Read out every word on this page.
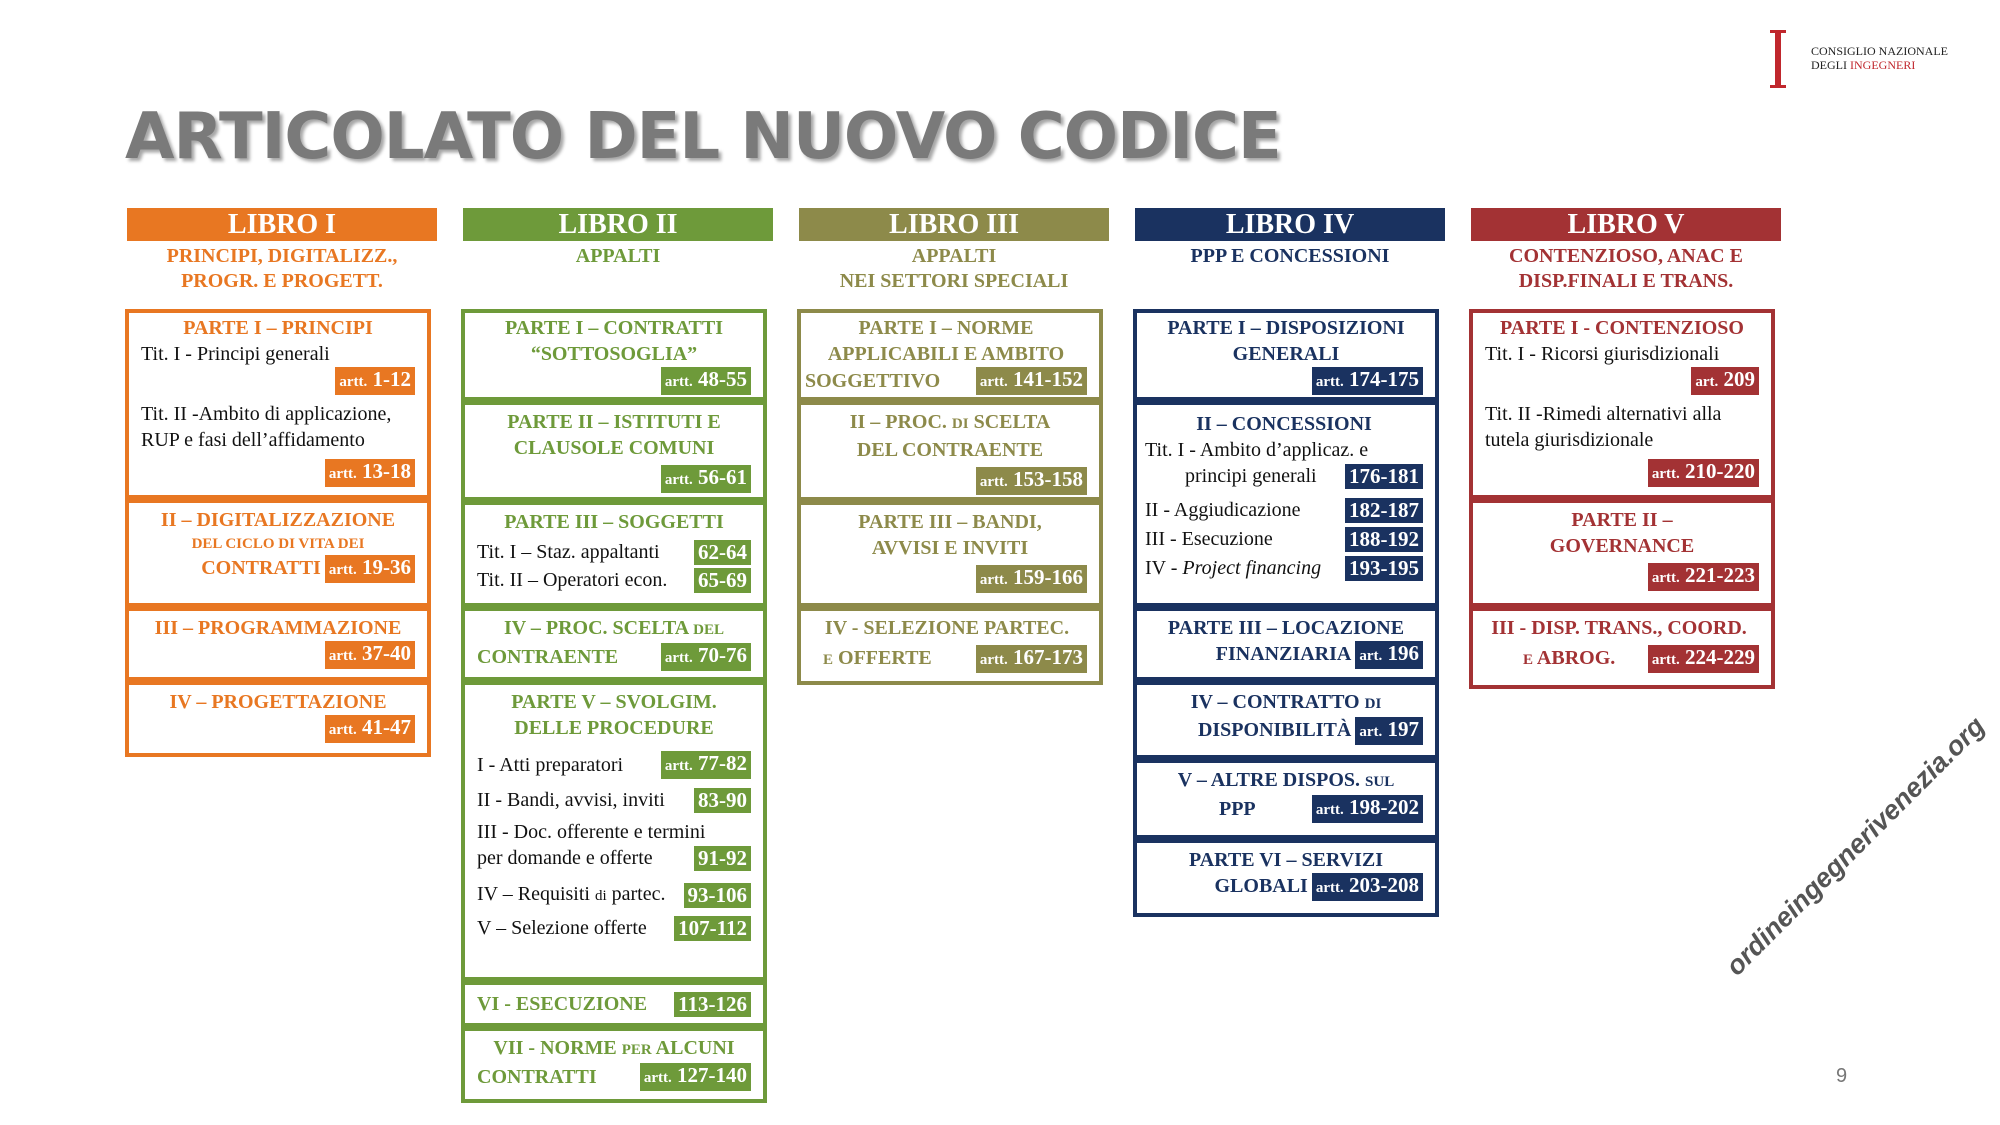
ARTICOLATO DEL NUOVO CODICE
CONSIGLIO NAZIONALE
DEGLI INGEGNERI
LIBRO I
PRINCIPI, DIGITALIZZ.,
PROGR. E PROGETT.
PARTE I – PRINCIPI
Tit. I - Principi generali
artt. 1-12
Tit. II -Ambito di applicazione,
RUP e fasi dell’affidamento
artt. 13-18
II – DIGITALIZZAZIONE
DEL CICLO DI VITA DEI
CONTRATTI artt. 19-36
III – PROGRAMMAZIONE
artt. 37-40
IV – PROGETTAZIONE
artt. 41-47
LIBRO II
APPALTI
PARTE I – CONTRATTI
“SOTTOSOGLIA”
artt. 48-55
PARTE II – ISTITUTI E
CLAUSOLE COMUNI
artt. 56-61
PARTE III – SOGGETTI
Tit. I – Staz. appaltanti 62-64
Tit. II – Operatori econ. 65-69
IV – PROC. SCELTA DEL
CONTRAENTE	artt. 70-76
PARTE V – SVOLGIM.
DELLE PROCEDURE
I - Atti preparatori	artt. 77-82
II - Bandi, avvisi, inviti 83-90
III - Doc. offerente e termini
per domande e offerte 91-92
IV – Requisiti di partec. 93-106
V – Selezione offerte 107-112
VI - ESECUZIONE 113-126
VII - NORME PER ALCUNI
CONTRATTI	artt. 127-140
LIBRO III
APPALTI
NEI SETTORI SPECIALI
PARTE I – NORME
APPLICABILI E AMBITO
SOGGETTIVO	artt. 141-152
II – PROC. DI SCELTA
DEL CONTRAENTE
artt. 153-158
PARTE III – BANDI,
AVVISI E INVITI
artt. 159-166
IV - SELEZIONE PARTEC.
E OFFERTE	artt. 167-173
LIBRO IV
PPP E CONCESSIONI
PARTE I – DISPOSIZIONI
GENERALI
artt. 174-175
II – CONCESSIONI
Tit. I - Ambito d’applicaz. e
principi generali 176-181
II - Aggiudicazione 182-187
III - Esecuzione	188-192
IV - Project financing 193-195
PARTE III – LOCAZIONE
FINANZIARIA art. 196
IV – CONTRATTO DI
DISPONIBILITÀ art. 197
V – ALTRE DISPOS. SUL
PPP	artt. 198-202
PARTE VI – SERVIZI
GLOBALI artt. 203-208
LIBRO V
CONTENZIOSO, ANAC E
DISP.FINALI E TRANS.
PARTE I - CONTENZIOSO
Tit. I - Ricorsi giurisdizionali
art. 209
Tit. II -Rimedi alternativi alla
tutela giurisdizionale
artt. 210-220
PARTE II –
GOVERNANCE
artt. 221-223
III - DISP. TRANS., COORD.
E ABROG. artt. 224-229
ordineingegnerivenezia.org
9
